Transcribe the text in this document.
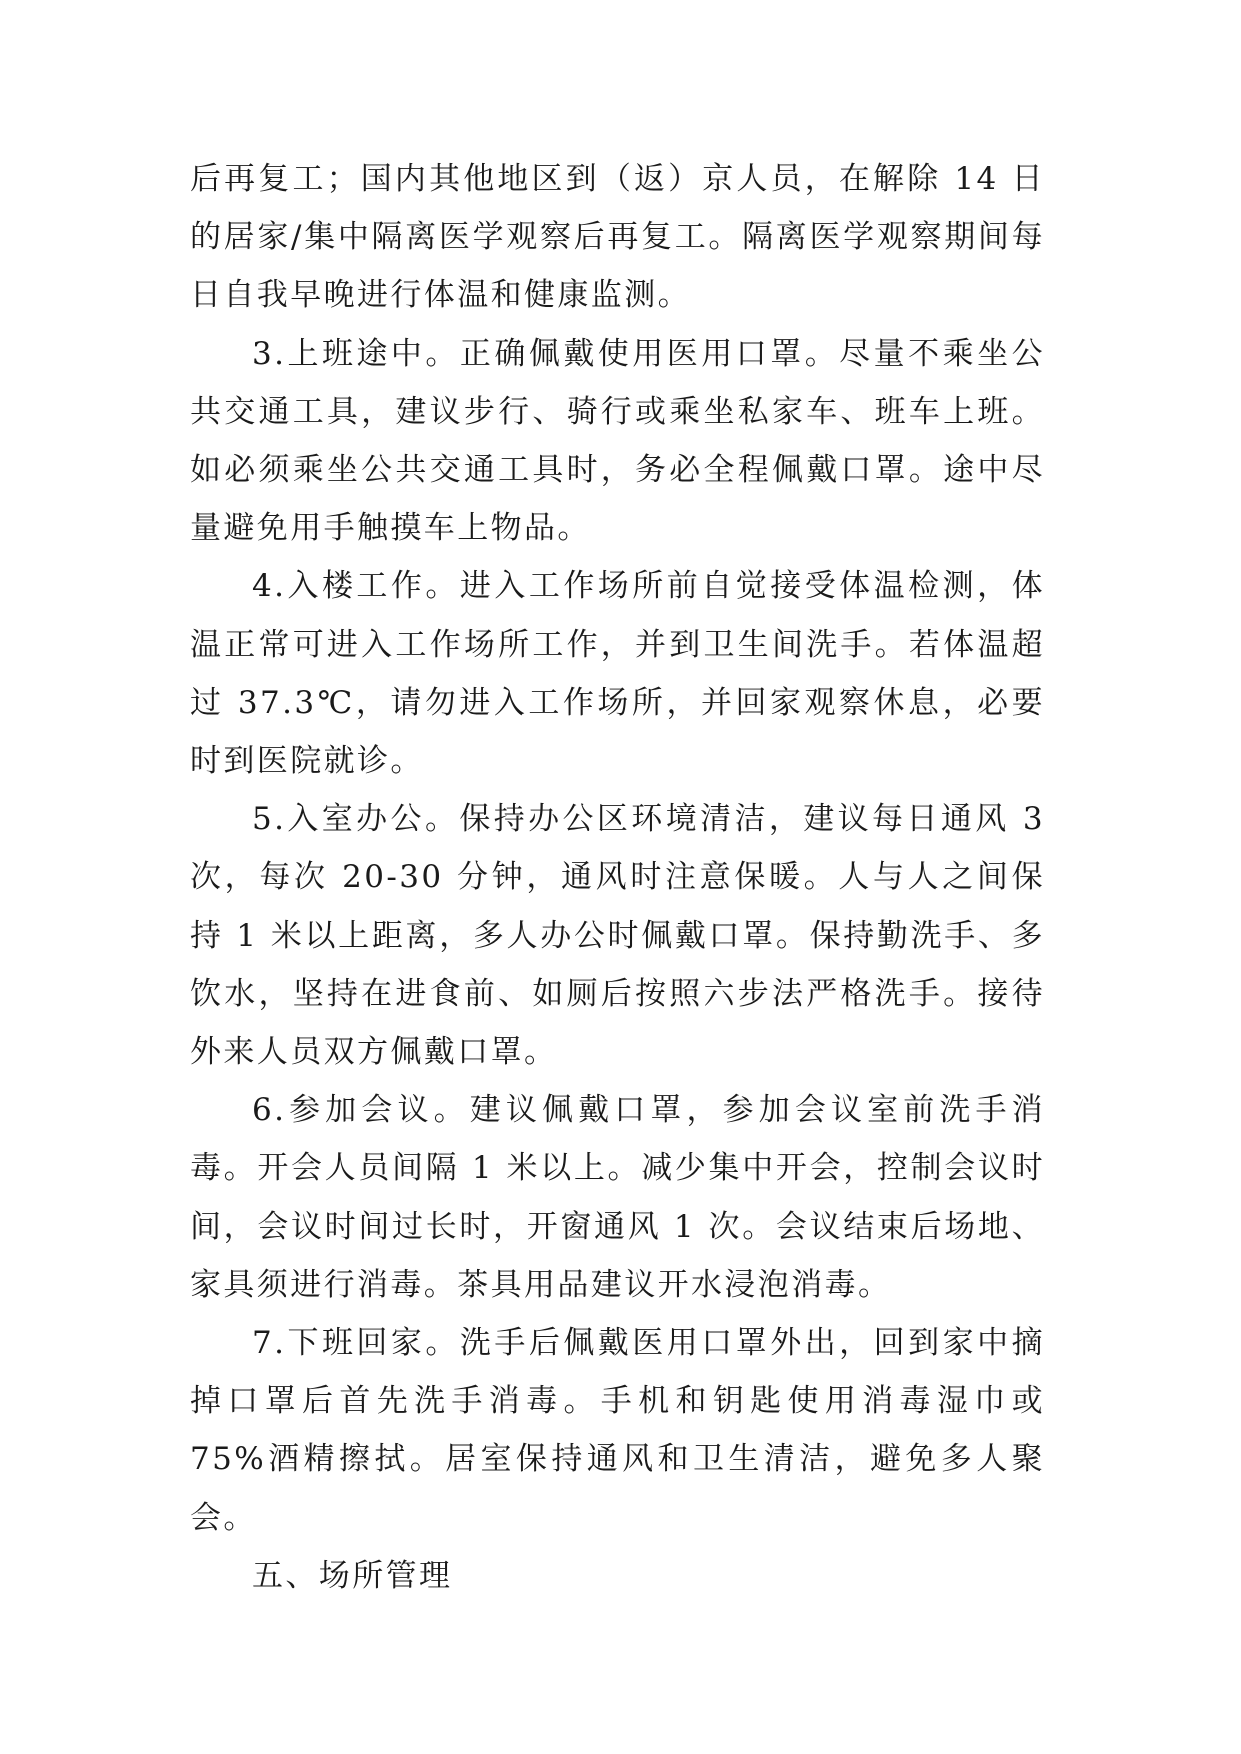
后再复工；国内其他地区到（返）京人员，在解除 14 日的居家/集中隔离医学观察后再复工。隔离医学观察期间每日自我早晚进行体温和健康监测。

3.上班途中。正确佩戴使用医用口罩。尽量不乘坐公共交通工具，建议步行、骑行或乘坐私家车、班车上班。如必须乘坐公共交通工具时，务必全程佩戴口罩。途中尽量避免用手触摸车上物品。

4.入楼工作。进入工作场所前自觉接受体温检测，体温正常可进入工作场所工作，并到卫生间洗手。若体温超过 37.3℃，请勿进入工作场所，并回家观察休息，必要时到医院就诊。

5.入室办公。保持办公区环境清洁，建议每日通风 3 次，每次 20-30 分钟，通风时注意保暖。人与人之间保持 1 米以上距离，多人办公时佩戴口罩。保持勤洗手、多饮水，坚持在进食前、如厕后按照六步法严格洗手。接待外来人员双方佩戴口罩。

6.参加会议。建议佩戴口罩，参加会议室前洗手消毒。开会人员间隔 1 米以上。减少集中开会，控制会议时间，会议时间过长时，开窗通风 1 次。会议结束后场地、家具须进行消毒。茶具用品建议开水浸泡消毒。

7.下班回家。洗手后佩戴医用口罩外出，回到家中摘掉口罩后首先洗手消毒。手机和钥匙使用消毒湿巾或 75%酒精擦拭。居室保持通风和卫生清洁，避免多人聚会。

五、场所管理
